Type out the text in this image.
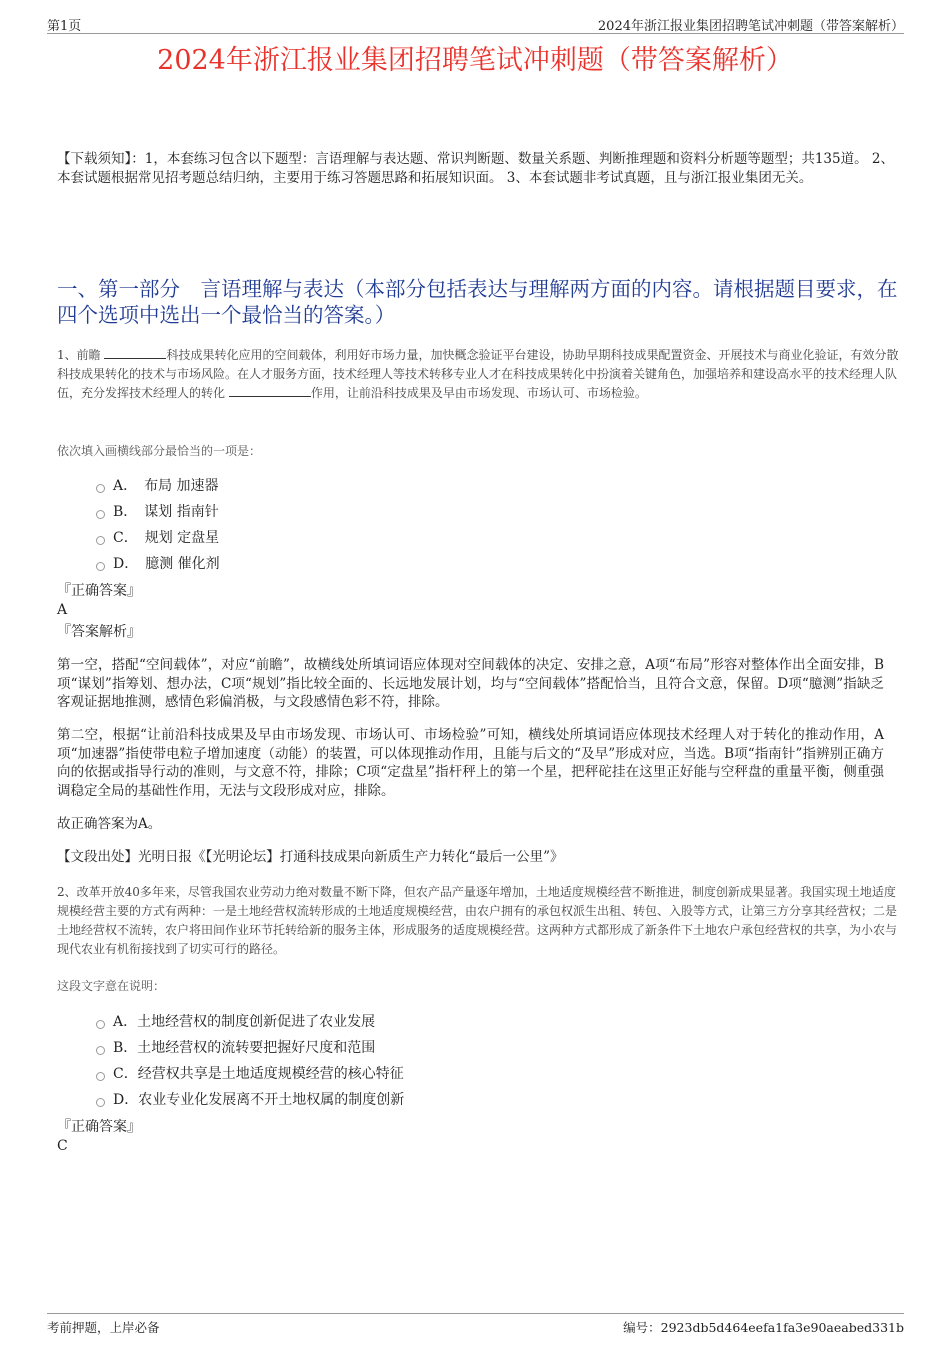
第1页	2024年浙江报业集团招聘笔试冲刺题（带答案解析）
2024年浙江报业集团招聘笔试冲刺题（带答案解析）

【下载须知】：1，本套练习包含以下题型：言语理解与表达题、常识判断题、数量关系题、判断推理题和资料分析题等题型；共135道。 2、本套试题根据常见招考题总结归纳，主要用于练习答题思路和拓展知识面。 3、本套试题非考试真题，且与浙江报业集团无关。

一、第一部分　言语理解与表达（本部分包括表达与理解两方面的内容。请根据题目要求，在四个选项中选出一个最恰当的答案。）

1、前瞻	科技成果转化应用的空间载体，利用好市场力量，加快概念验证平台建设，协助早期科技成果配置资金、开展技术与商业化验证，有效分散科技成果转化的技术与市场风险。在人才服务方面，技术经理人等技术转移专业人才在科技成果转化中扮演着关键角色，加强培养和建设高水平的技术经理人队伍，充分发挥技术经理人的转化	作用，让前沿科技成果及早由市场发现、市场认可、市场检验。

依次填入画横线部分最恰当的一项是：

A．　布局 加速器
B．　谋划 指南针
C．　规划 定盘星
D．　臆测 催化剂

『正确答案』

A

『答案解析』

第一空，搭配“空间载体”，对应“前瞻”，故横线处所填词语应体现对空间载体的决定、安排之意，A项“布局”形容对整体作出全面安排，B项“谋划”指筹划、想办法，C项“规划”指比较全面的、长远地发展计划，均与“空间载体”搭配恰当，且符合文意，保留。D项“臆测”指缺乏客观证据地推测，感情色彩偏消极，与文段感情色彩不符，排除。

第二空，根据“让前沿科技成果及早由市场发现、市场认可、市场检验”可知，横线处所填词语应体现技术经理人对于转化的推动作用，A项“加速器”指使带电粒子增加速度（动能）的装置，可以体现推动作用，且能与后文的“及早”形成对应，当选。B项“指南针”指辨别正确方向的依据或指导行动的准则，与文意不符，排除；C项“定盘星”指杆秤上的第一个星，把秤砣挂在这里正好能与空秤盘的重量平衡，侧重强调稳定全局的基础性作用，无法与文段形成对应，排除。

故正确答案为A。

【文段出处】光明日报《【光明论坛】打通科技成果向新质生产力转化“最后一公里”》

2、改革开放40多年来，尽管我国农业劳动力绝对数量不断下降，但农产品产量逐年增加，土地适度规模经营不断推进，制度创新成果显著。我国实现土地适度规模经营主要的方式有两种：一是土地经营权流转形成的土地适度规模经营，由农户拥有的承包权派生出租、转包、入股等方式，让第三方分享其经营权；二是土地经营权不流转，农户将田间作业环节托转给新的服务主体，形成服务的适度规模经营。这两种方式都形成了新条件下土地农户承包经营权的共享，为小农与现代农业有机衔接找到了切实可行的路径。

这段文字意在说明：

A．土地经营权的制度创新促进了农业发展
B．土地经营权的流转要把握好尺度和范围
C．经营权共享是土地适度规模经营的核心特征
D．农业专业化发展离不开土地权属的制度创新

『正确答案』

C

考前押题，上岸必备	编号：2923db5d464eefa1fa3e90aeabed331b
